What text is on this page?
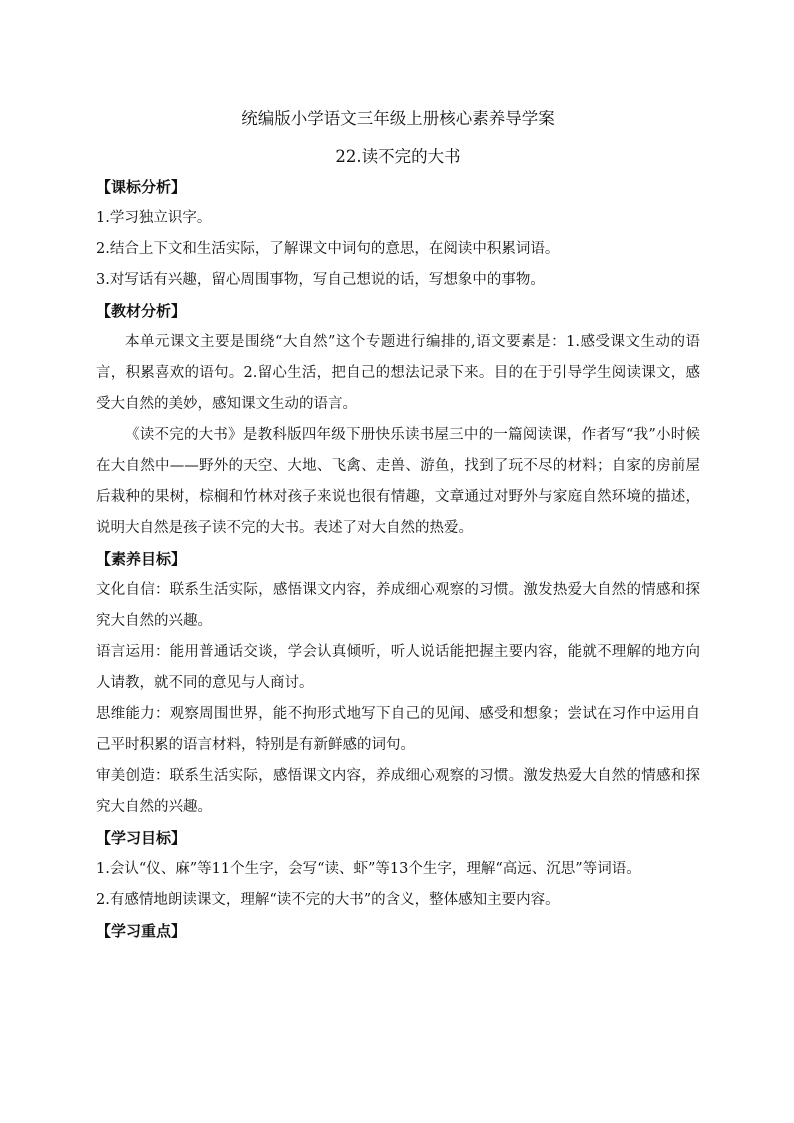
统编版小学语文三年级上册核心素养导学案
22.读不完的大书
【课标分析】
1.学习独立识字。
2.结合上下文和生活实际，了解课文中词句的意思，在阅读中积累词语。
3.对写话有兴趣，留心周围事物，写自己想说的话，写想象中的事物。
【教材分析】
本单元课文主要是围绕“大自然”这个专题进行编排的,语文要素是：1.感受课文生动的语言，积累喜欢的语句。2.留心生活，把自己的想法记录下来。目的在于引导学生阅读课文，感受大自然的美妙，感知课文生动的语言。
《读不完的大书》是教科版四年级下册快乐读书屋三中的一篇阅读课，作者写“我”小时候在大自然中——野外的天空、大地、飞禽、走兽、游鱼，找到了玩不尽的材料；自家的房前屋后栽种的果树，棕榈和竹林对孩子来说也很有情趣，文章通过对野外与家庭自然环境的描述，说明大自然是孩子读不完的大书。表述了对大自然的热爱。
【素养目标】
文化自信：联系生活实际，感悟课文内容，养成细心观察的习惯。激发热爱大自然的情感和探究大自然的兴趣。
语言运用：能用普通话交谈，学会认真倾听，听人说话能把握主要内容，能就不理解的地方向人请教，就不同的意见与人商讨。
思维能力：观察周围世界，能不拘形式地写下自己的见闻、感受和想象；尝试在习作中运用自己平时积累的语言材料，特别是有新鲜感的词句。
审美创造：联系生活实际，感悟课文内容，养成细心观察的习惯。激发热爱大自然的情感和探究大自然的兴趣。
【学习目标】
1.会认“仪、麻”等11个生字，会写“读、虾”等13个生字，理解“高远、沉思”等词语。
2.有感情地朗读课文，理解“读不完的大书”的含义，整体感知主要内容。
【学习重点】
